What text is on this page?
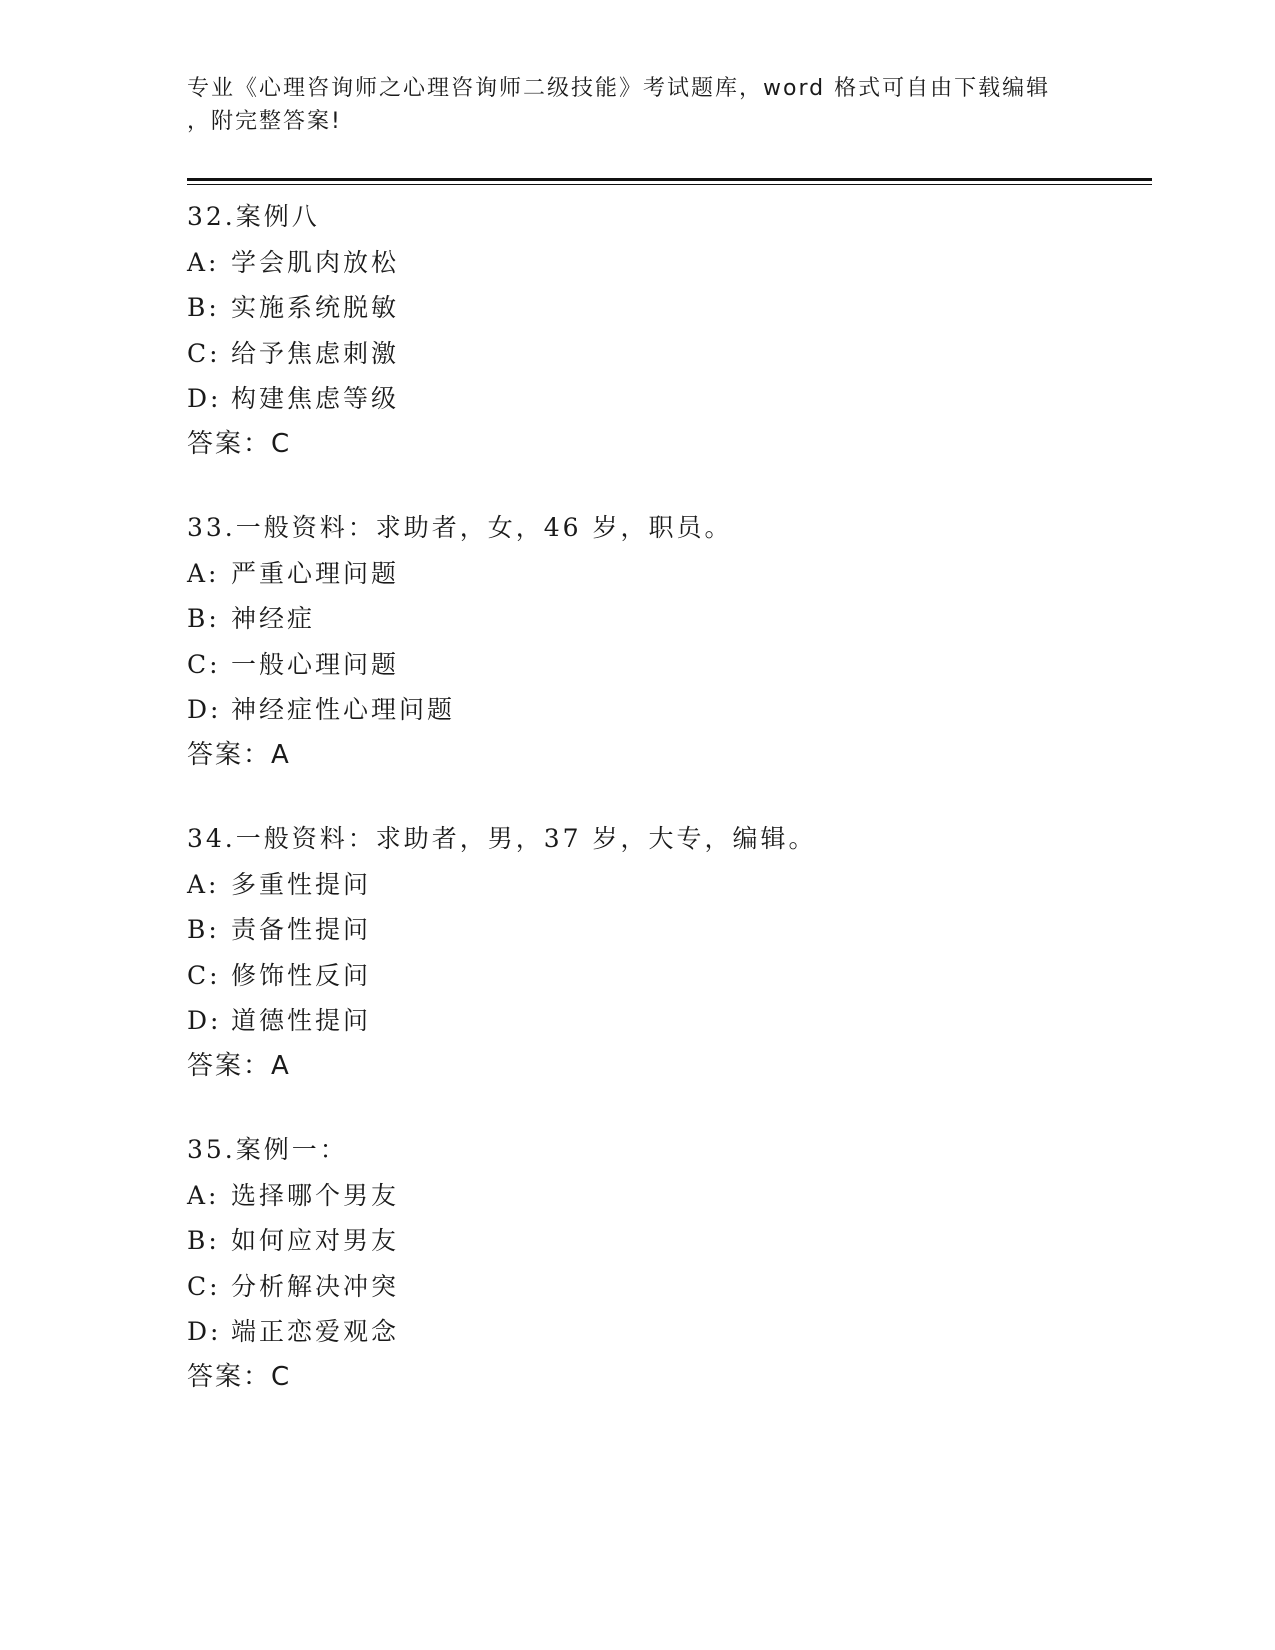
专业《心理咨询师之心理咨询师二级技能》考试题库，word 格式可自由下载编辑
，附完整答案!
32.案例八
A: 学会肌肉放松
B: 实施系统脱敏
C: 给予焦虑刺激
D: 构建焦虑等级
答案：C
33.一般资料：求助者，女，46 岁，职员。
A: 严重心理问题
B: 神经症
C: 一般心理问题
D: 神经症性心理问题
答案：A
34.一般资料：求助者，男，37 岁，大专，编辑。
A: 多重性提问
B: 责备性提问
C: 修饰性反问
D: 道德性提问
答案：A
35.案例一：
A: 选择哪个男友
B: 如何应对男友
C: 分析解决冲突
D: 端正恋爱观念
答案：C
